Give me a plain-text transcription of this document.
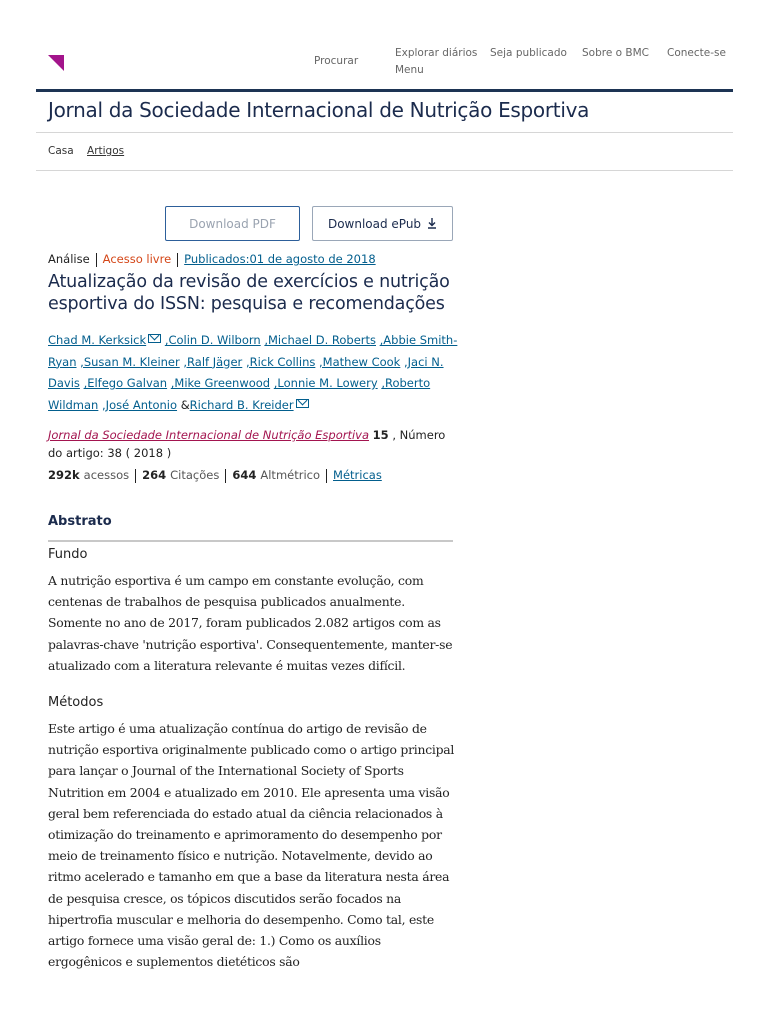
Procurar
Explorar diários
Menu
Seja publicado Sobre o BMC Conecte-se
Jornal da Sociedade Internacional de Nutrição Esportiva
Casa Artigos
Download PDF	Download ePub
Análise Acesso livre Publicados:01 de agosto de 2018
Atualização da revisão de exercícios e nutrição esportiva do ISSN: pesquisa e recomendações
Chad M. Kerksick ,Colin D. Wilborn ,Michael D. Roberts ,Abbie Smith-Ryan ,Susan M. Kleiner ,Ralf Jäger ,Rick Collins ,Mathew Cook ,Jaci N. Davis ,Elfego Galvan ,Mike Greenwood ,Lonnie M. Lowery ,Roberto Wildman ,José Antonio &Richard B. Kreider
Jornal da Sociedade Internacional de Nutrição Esportiva 15 , Número do artigo: 38 ( 2018 )
292k acessos 264 Citações 644 Altmétrico Métricas
Abstrato
Fundo

A nutrição esportiva é um campo em constante evolução, com centenas de trabalhos de pesquisa publicados anualmente. Somente no ano de 2017, foram publicados 2.082 artigos com as palavras-chave 'nutrição esportiva'. Consequentemente, manter-se atualizado com a literatura relevante é muitas vezes difícil.

Métodos

Este artigo é uma atualização contínua do artigo de revisão de nutrição esportiva originalmente publicado como o artigo principal para lançar o Journal of the International Society of Sports Nutrition em 2004 e atualizado em 2010. Ele apresenta uma visão geral bem referenciada do estado atual da ciência relacionados à otimização do treinamento e aprimoramento do desempenho por meio de treinamento físico e nutrição. Notavelmente, devido ao ritmo acelerado e tamanho em que a base da literatura nesta área de pesquisa cresce, os tópicos discutidos serão focados na hipertrofia muscular e melhoria do desempenho. Como tal, este artigo fornece uma visão geral de: 1.) Como os auxílios ergogênicos e suplementos dietéticos são
